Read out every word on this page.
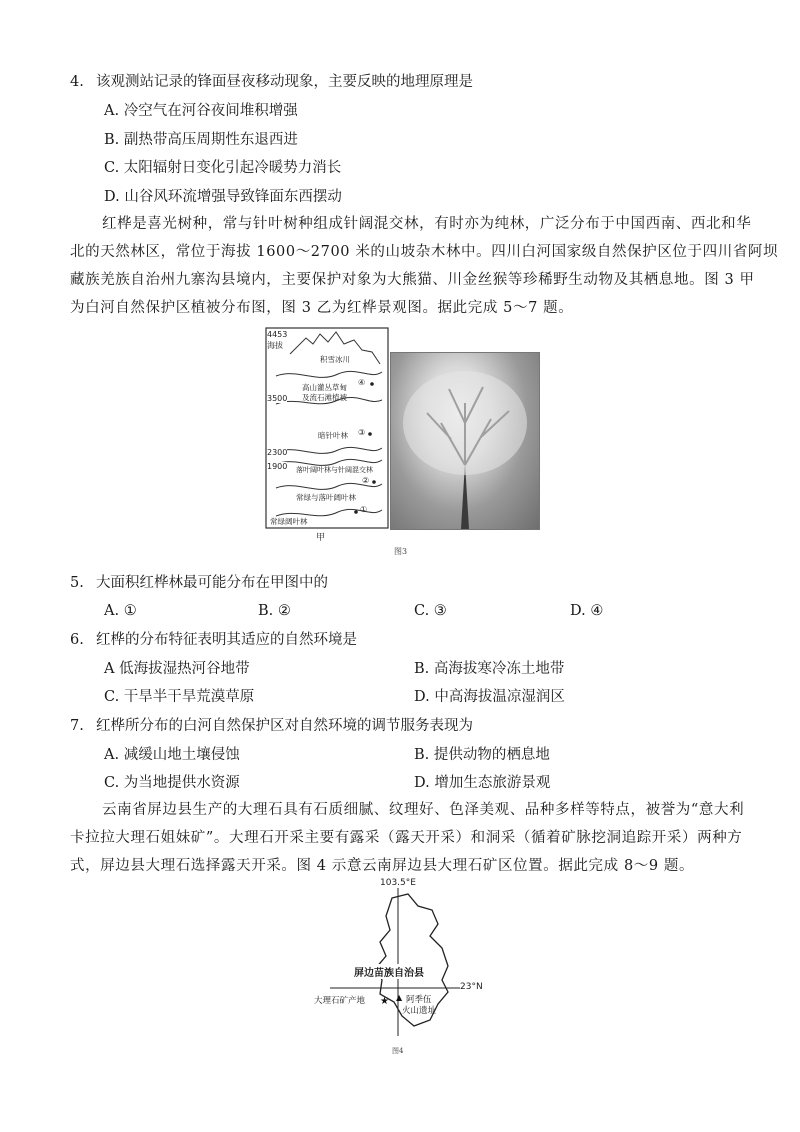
4. 该观测站记录的锋面昼夜移动现象，主要反映的地理原理是
A. 冷空气在河谷夜间堆积增强
B. 副热带高压周期性东退西进
C. 太阳辐射日变化引起冷暖势力消长
D. 山谷风环流增强导致锋面东西摆动
红桦是喜光树种，常与针叶树种组成针阔混交林，有时亦为纯林，广泛分布于中国西南、西北和华
北的天然林区，常位于海拔 1600～2700 米的山坡杂木林中。四川白河国家级自然保护区位于四川省阿坝
藏族羌族自治州九寨沟县境内，主要保护对象为大熊猫、川金丝猴等珍稀野生动物及其栖息地。图 3 甲
为白河自然保护区植被分布图，图 3 乙为红桦景观图。据此完成 5～7 题。
4453
海拔
3500
2300
1900
积雪冰川
高山灌丛草甸
及流石滩植被
④
暗针叶林 ③
落叶阔叶林与针阔混交林
②
常绿与落叶阔叶林
①
常绿阔叶林
甲
图3
5. 大面积红桦林最可能分布在甲图中的
A. ①	B. ②	C. ③	D. ④
6. 红桦的分布特征表明其适应的自然环境是
A 低海拔湿热河谷地带	B. 高海拔寒冷冻土地带
C. 干旱半干旱荒漠草原	D. 中高海拔温凉湿润区
7. 红桦所分布的白河自然保护区对自然环境的调节服务表现为
A. 减缓山地土壤侵蚀	B. 提供动物的栖息地
C. 为当地提供水资源	D. 增加生态旅游景观
云南省屏边县生产的大理石具有石质细腻、纹理好、色泽美观、品种多样等特点，被誉为“意大利
卡拉拉大理石姐妹矿”。大理石开采主要有露采（露天开采）和洞采（循着矿脉挖洞追踪开采）两种方
式，屏边县大理石选择露天开采。图 4 示意云南屏边县大理石矿区位置。据此完成 8～9 题。
★ ▲
103.5°E
23°N
屏边苗族自治县
大理石矿产地	阿季伍
火山遗址
图4
